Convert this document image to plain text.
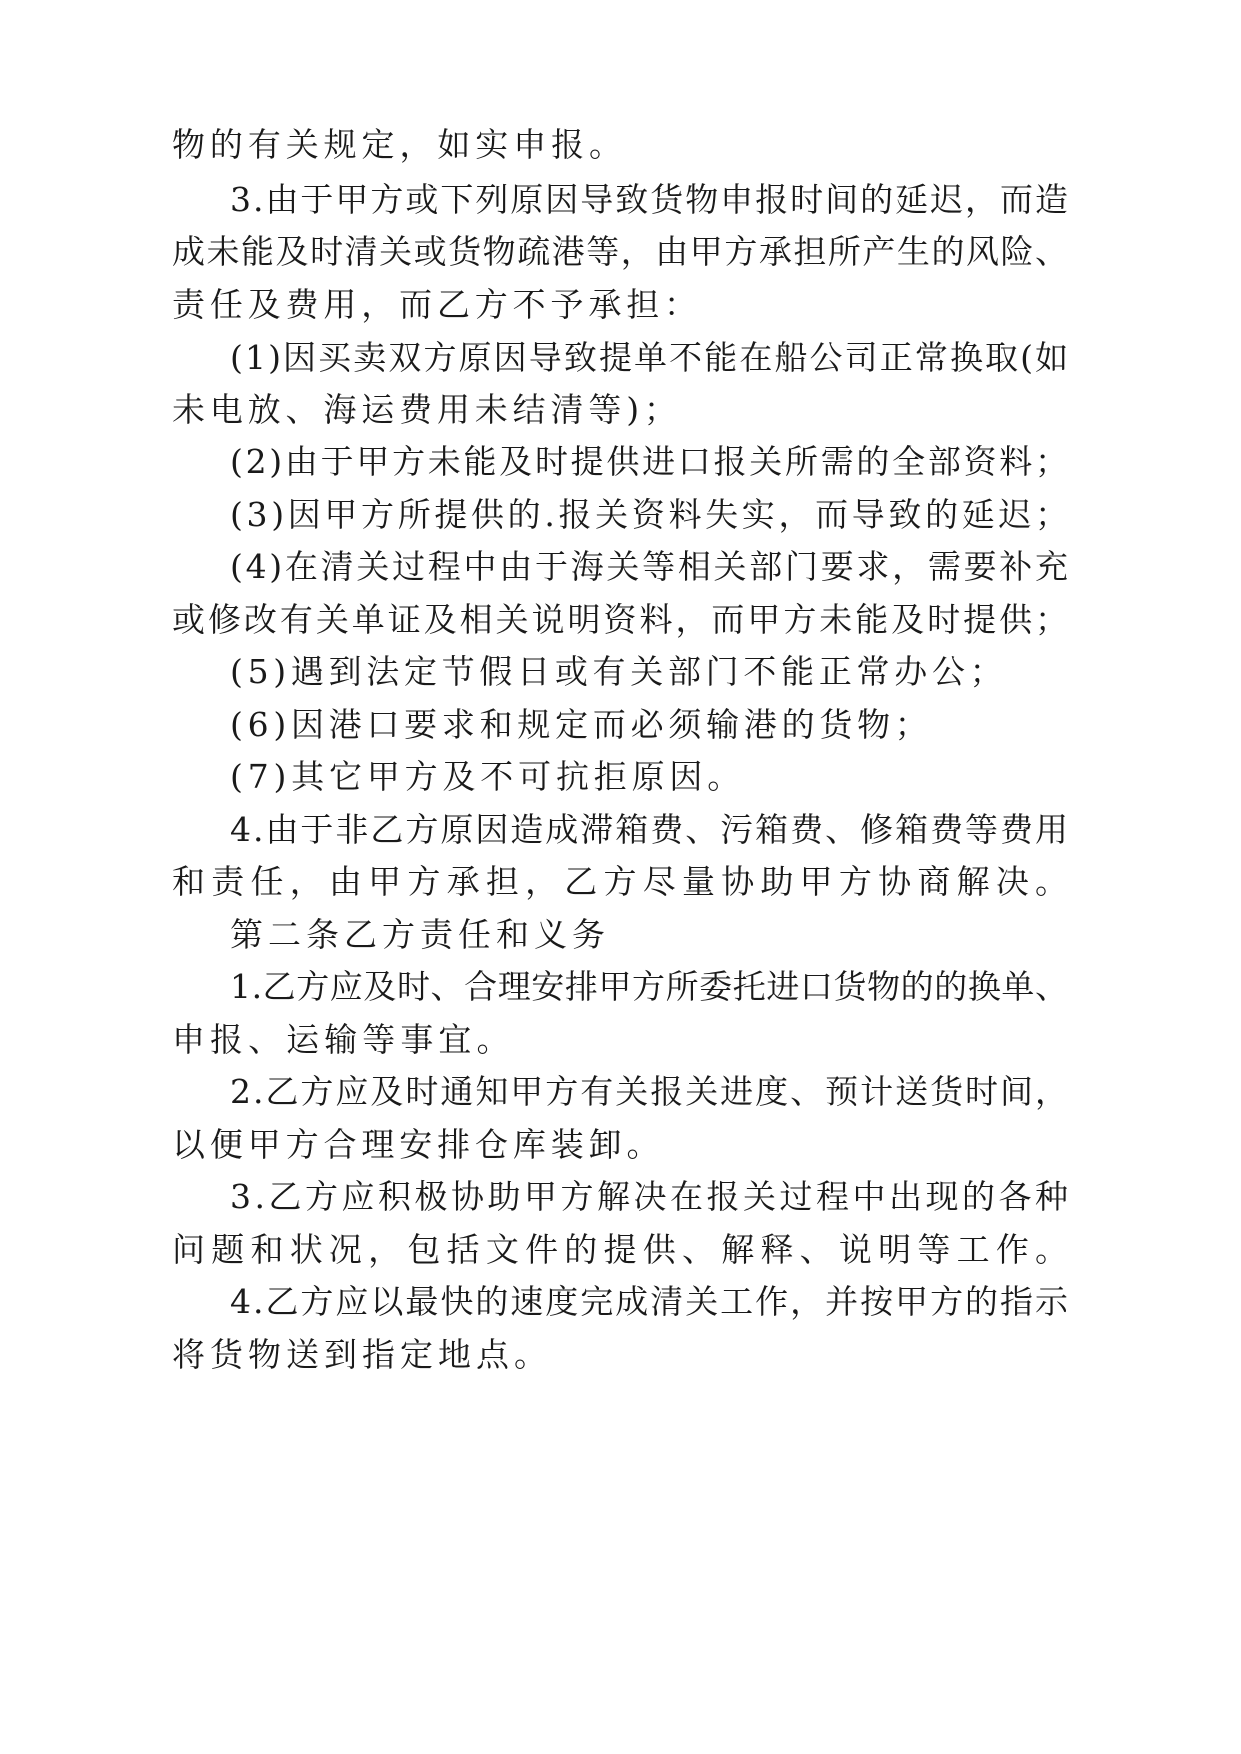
物的有关规定，如实申报。
3.由于甲方或下列原因导致货物申报时间的延迟，而造
成未能及时清关或货物疏港等，由甲方承担所产生的风险、
责任及费用，而乙方不予承担：
(1)因买卖双方原因导致提单不能在船公司正常换取(如
未电放、海运费用未结清等)；
(2)由于甲方未能及时提供进口报关所需的全部资料；
(3)因甲方所提供的.报关资料失实，而导致的延迟；
(4)在清关过程中由于海关等相关部门要求，需要补充
或修改有关单证及相关说明资料，而甲方未能及时提供；
(5)遇到法定节假日或有关部门不能正常办公；
(6)因港口要求和规定而必须输港的货物；
(7)其它甲方及不可抗拒原因。
4.由于非乙方原因造成滞箱费、污箱费、修箱费等费用
和责任，由甲方承担，乙方尽量协助甲方协商解决。
第二条乙方责任和义务
1.乙方应及时、合理安排甲方所委托进口货物的的换单、
申报、运输等事宜。
2.乙方应及时通知甲方有关报关进度、预计送货时间，
以便甲方合理安排仓库装卸。
3.乙方应积极协助甲方解决在报关过程中出现的各种
问题和状况，包括文件的提供、解释、说明等工作。
4.乙方应以最快的速度完成清关工作，并按甲方的指示
将货物送到指定地点。
